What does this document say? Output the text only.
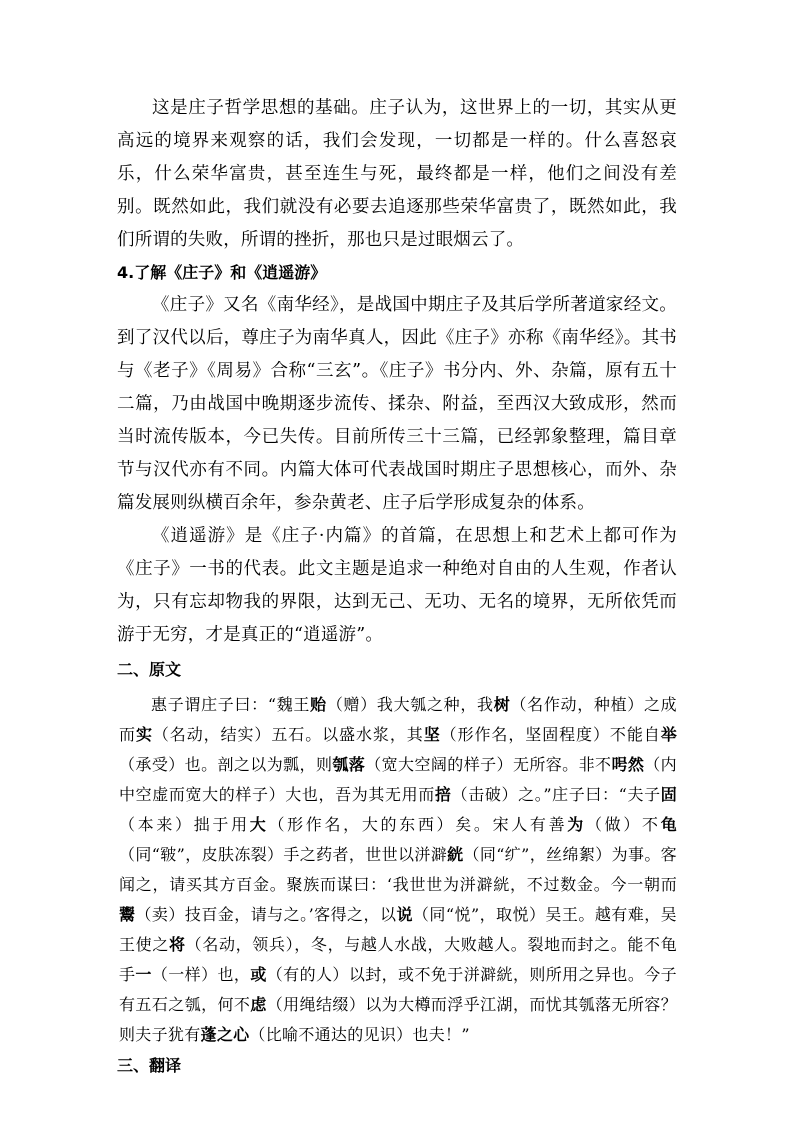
这是庄子哲学思想的基础。庄子认为，这世界上的一切，其实从更高远的境界来观察的话，我们会发现，一切都是一样的。什么喜怒哀乐，什么荣华富贵，甚至连生与死，最终都是一样，他们之间没有差别。既然如此，我们就没有必要去追逐那些荣华富贵了，既然如此，我们所谓的失败，所谓的挫折，那也只是过眼烟云了。

4.了解《庄子》和《逍遥游》

《庄子》又名《南华经》，是战国中期庄子及其后学所著道家经文。到了汉代以后，尊庄子为南华真人，因此《庄子》亦称《南华经》。其书与《老子》《周易》合称“三玄”。《庄子》书分内、外、杂篇，原有五十二篇，乃由战国中晚期逐步流传、揉杂、附益，至西汉大致成形，然而当时流传版本，今已失传。目前所传三十三篇，已经郭象整理，篇目章节与汉代亦有不同。内篇大体可代表战国时期庄子思想核心，而外、杂篇发展则纵横百余年，参杂黄老、庄子后学形成复杂的体系。

《逍遥游》是《庄子·内篇》的首篇，在思想上和艺术上都可作为《庄子》一书的代表。此文主题是追求一种绝对自由的人生观，作者认为，只有忘却物我的界限，达到无己、无功、无名的境界，无所依凭而游于无穷，才是真正的“逍遥游”。

二、原文

惠子谓庄子曰：“魏王贻（赠）我大瓠之种，我树（名作动，种植）之成而实（名动，结实）五石。以盛水浆，其坚（形作名，坚固程度）不能自举（承受）也。剖之以为瓢，则瓠落（宽大空阔的样子）无所容。非不呺然（内中空虚而宽大的样子）大也，吾为其无用而掊（击破）之。”庄子曰：“夫子固（本来）拙于用大（形作名，大的东西）矣。宋人有善为（做）不龟（同“皲”，皮肤冻裂）手之药者，世世以洴澼絖（同“纩”，丝绵絮）为事。客闻之，请买其方百金。聚族而谋曰：‘我世世为洴澼絖，不过数金。今一朝而鬻（卖）技百金，请与之。’客得之，以说（同“悦”，取悦）吴王。越有难，吴王使之将（名动，领兵），冬，与越人水战，大败越人。裂地而封之。能不龟手一（一样）也，或（有的人）以封，或不免于洴澼絖，则所用之异也。今子有五石之瓠，何不虑（用绳结缀）以为大樽而浮乎江湖，而忧其瓠落无所容？则夫子犹有蓬之心（比喻不通达的见识）也夫！”

三、翻译
